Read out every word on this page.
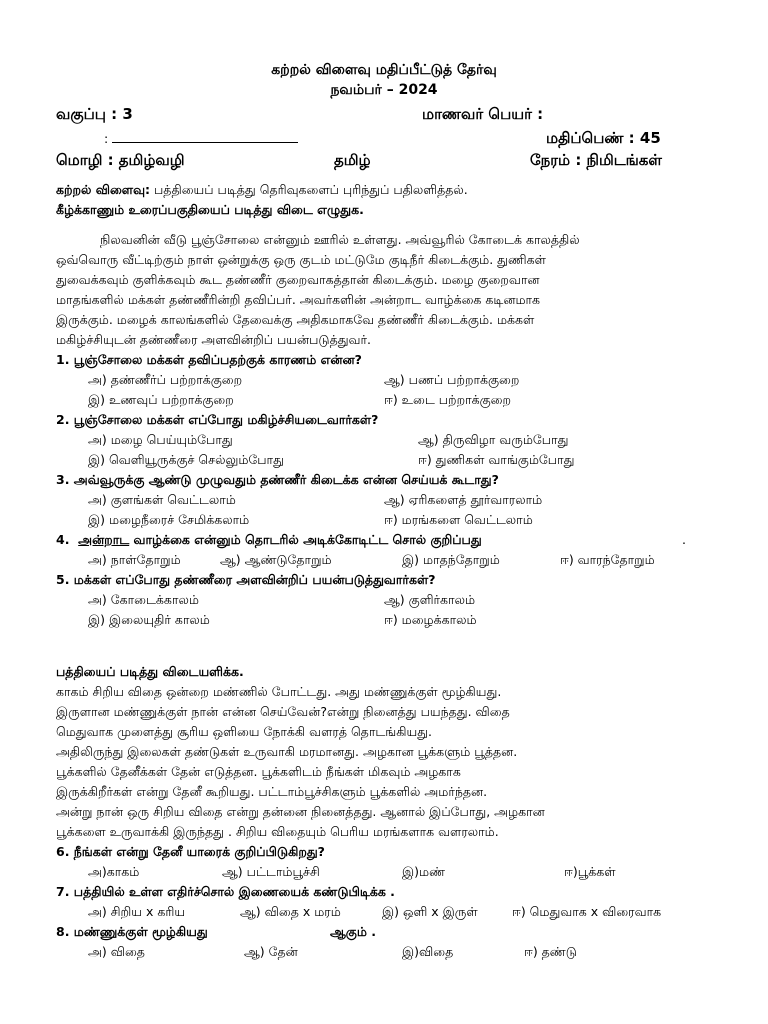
கற்றல் விளைவு மதிப்பீட்டுத் தேர்வு
நவம்பர் – 2024
வகுப்பு : 3	மாணவர் பெயர் :
:	மதிப்பெண் : 45
மொழி : தமிழ்வழி	தமிழ்	நேரம் : நிமிடங்கள்
கற்றல் விளைவு: பத்தியைப் படித்து தெரிவுகளைப் புரிந்துப் பதிலளித்தல்.
கீழ்க்காணும் உரைப்பகுதியைப் படித்து விடை எழுதுக.
நிலவனின் வீடு பூஞ்சோலை என்னும் ஊரில் உள்ளது. அவ்வூரில் கோடைக் காலத்தில்
ஒவ்வொரு வீட்டிற்கும் நாள் ஒன்றுக்கு ஒரு குடம் மட்டுமே குடிநீர் கிடைக்கும். துணிகள்
துவைக்கவும் குளிக்கவும் கூட தண்ணீர் குறைவாகத்தான் கிடைக்கும். மழை குறைவான
மாதங்களில் மக்கள் தண்ணீரின்றி தவிப்பர். அவர்களின் அன்றாட வாழ்க்கை கடினமாக
இருக்கும். மழைக் காலங்களில் தேவைக்கு அதிகமாகவே தண்ணீர் கிடைக்கும். மக்கள்
மகிழ்ச்சியுடன் தண்ணீரை அளவின்றிப் பயன்படுத்துவர்.
1. பூஞ்சோலை மக்கள் தவிப்பதற்குக் காரணம் என்ன?
அ) தண்ணீர்ப் பற்றாக்குறை	ஆ) பணப் பற்றாக்குறை
இ) உணவுப் பற்றாக்குறை	ஈ) உடை பற்றாக்குறை
2. பூஞ்சோலை மக்கள் எப்போது மகிழ்ச்சியடைவார்கள்?
அ) மழை பெய்யும்போது	ஆ) திருவிழா வரும்போது
இ) வெளியூருக்குச் செல்லும்போது	ஈ) துணிகள் வாங்கும்போது
3. அவ்வூருக்கு ஆண்டு முழுவதும் தண்ணீர் கிடைக்க என்ன செய்யக் கூடாது?
அ) குளங்கள் வெட்டலாம்	ஆ) ஏரிகளைத் தூர்வாரலாம்
இ) மழைநீரைச் சேமிக்கலாம்	ஈ) மரங்களை வெட்டலாம்
4. அன்றாட வாழ்க்கை என்னும் தொடரில் அடிக்கோடிட்ட சொல் குறிப்பது	.
அ) நாள்தோறும்	ஆ) ஆண்டுதோறும்	இ) மாதந்தோறும்	ஈ) வாரந்தோறும்
5. மக்கள் எப்போது தண்ணீரை அளவின்றிப் பயன்படுத்துவார்கள்?
அ) கோடைக்காலம்	ஆ) குளிர்காலம்
இ) இலையுதிர் காலம்	ஈ) மழைக்காலம்
பத்தியைப் படித்து விடையளிக்க.
காகம் சிறிய விதை ஒன்றை மண்ணில் போட்டது. அது மண்ணுக்குள் மூழ்கியது.
இருளான மண்ணுக்குள் நான் என்ன செய்வேன்?என்று நினைத்து பயந்தது. விதை
மெதுவாக முளைத்து சூரிய ஒளியை நோக்கி வளரத் தொடங்கியது.
அதிலிருந்து இலைகள் தண்டுகள் உருவாகி மரமானது. அழகான பூக்களும் பூத்தன.
பூக்களில் தேனீக்கள் தேன் எடுத்தன. பூக்களிடம் நீங்கள் மிகவும் அழகாக
இருக்கிறீர்கள் என்று தேனீ கூறியது. பட்டாம்பூச்சிகளும் பூக்களில் அமர்ந்தன.
அன்று நான் ஒரு சிறிய விதை என்று தன்னை நினைத்தது. ஆனால் இப்போது, அழகான
பூக்களை உருவாக்கி இருந்தது . சிறிய விதையும் பெரிய மரங்களாக வளரலாம்.
6. நீங்கள் என்று தேனீ யாரைக் குறிப்பிடுகிறது?
அ)காகம்	ஆ) பட்டாம்பூச்சி	இ)மண்	ஈ)பூக்கள்
7. பத்தியில் உள்ள எதிர்ச்சொல் இணையைக் கண்டுபிடிக்க .
அ) சிறிய x கரிய	ஆ) விதை x மரம்	இ) ஒளி x இருள்	ஈ) மெதுவாக x விரைவாக
8. மண்ணுக்குள் மூழ்கியது	ஆகும் .
அ) விதை	ஆ) தேன்	இ)விதை	ஈ) தண்டு
